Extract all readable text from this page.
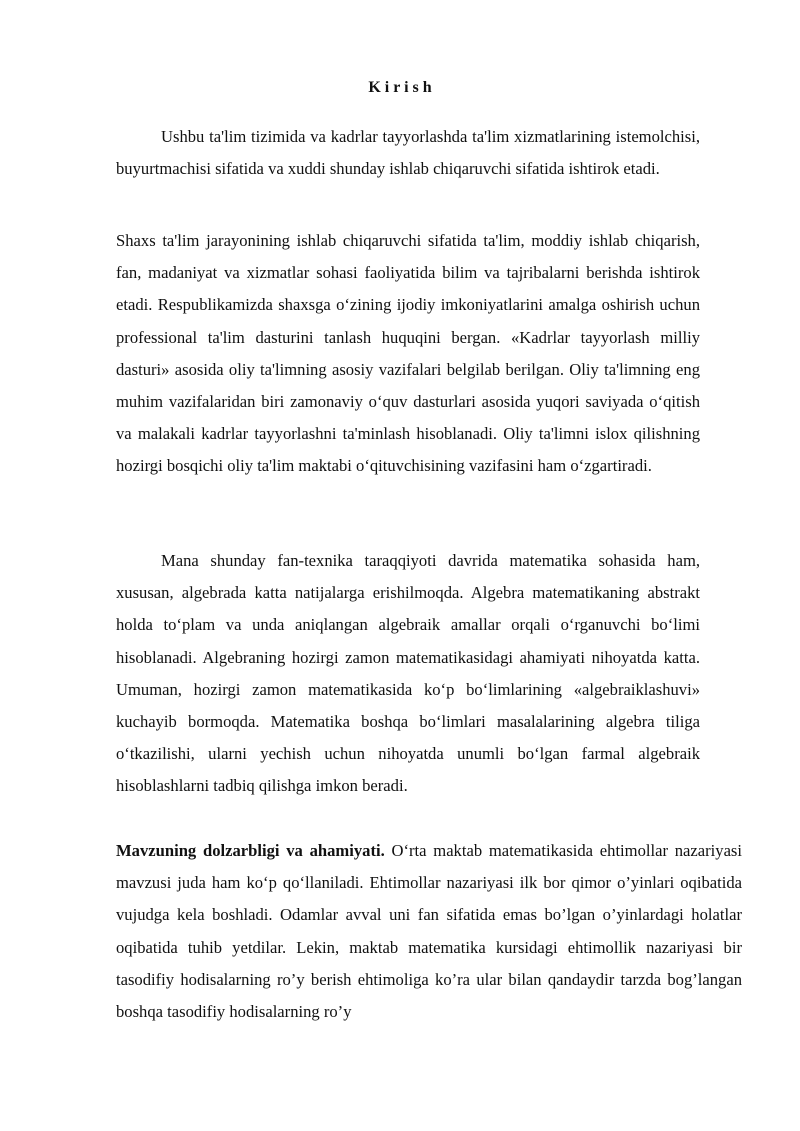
K i r i s h

Ushbu ta'lim tizimida va kadrlar tayyorlashda ta'lim xizmatlarining istemolchisi, buyurtmachisi sifatida va xuddi shunday ishlab chiqaruvchi sifatida ishtirok etadi.

Shaxs ta'lim jarayonining ishlab chiqaruvchi sifatida ta'lim, moddiy ishlab chiqarish, fan, madaniyat va xizmatlar sohasi faoliyatida bilim va tajribalarni berishda ishtirok etadi. Respublikamizda shaxsga o‘zining ijodiy imkoniyatlarini amalga oshirish uchun professional ta'lim dasturini tanlash huquqini bergan. «Kadrlar tayyorlash milliy dasturi» asosida oliy ta'limning asosiy vazifalari belgilab berilgan. Oliy ta'limning eng muhim vazifalaridan biri zamonaviy o‘quv dasturlari asosida yuqori saviyada o‘qitish va malakali kadrlar tayyorlashni ta'minlash hisoblanadi. Oliy ta'limni islox qilishning hozirgi bosqichi oliy ta'lim maktabi o‘qituvchisining vazifasini ham o‘zgartiradi.

Mana shunday fan-texnika taraqqiyoti davrida matematika sohasida ham, xususan, algebrada katta natijalarga erishilmoqda. Algebra matematikaning abstrakt holda to‘plam va unda aniqlangan algebraik amallar orqali o‘rganuvchi bo‘limi hisoblanadi. Algebraning hozirgi zamon matematikasidagi ahamiyati nihoyatda katta. Umuman, hozirgi zamon matematikasida ko‘p bo‘limlarining «algebraiklashuvi» kuchayib bormoqda. Matematika boshqa bo‘limlari masalalarining algebra tiliga o‘tkazilishi, ularni yechish uchun nihoyatda unumli bo‘lgan farmal algebraik hisoblashlarni tadbiq qilishga imkon beradi.

Mavzuning dolzarbligi va ahamiyati. O‘rta maktab matematikasida ehtimollar nazariyasi mavzusi juda ham ko‘p qo‘llaniladi. Ehtimollar nazariyasi ilk bor qimor o’yinlari oqibatida vujudga kela boshladi. Odamlar avval uni fan sifatida emas bo’lgan o’yinlardagi holatlar oqibatida tuhib yetdilar. Lekin, maktab matematika kursidagi ehtimollik nazariyasi bir tasodifiy hodisalarning ro’y berish ehtimoliga ko’ra ular bilan qandaydir tarzda bog’langan boshqa tasodifiy hodisalarning ro’y
